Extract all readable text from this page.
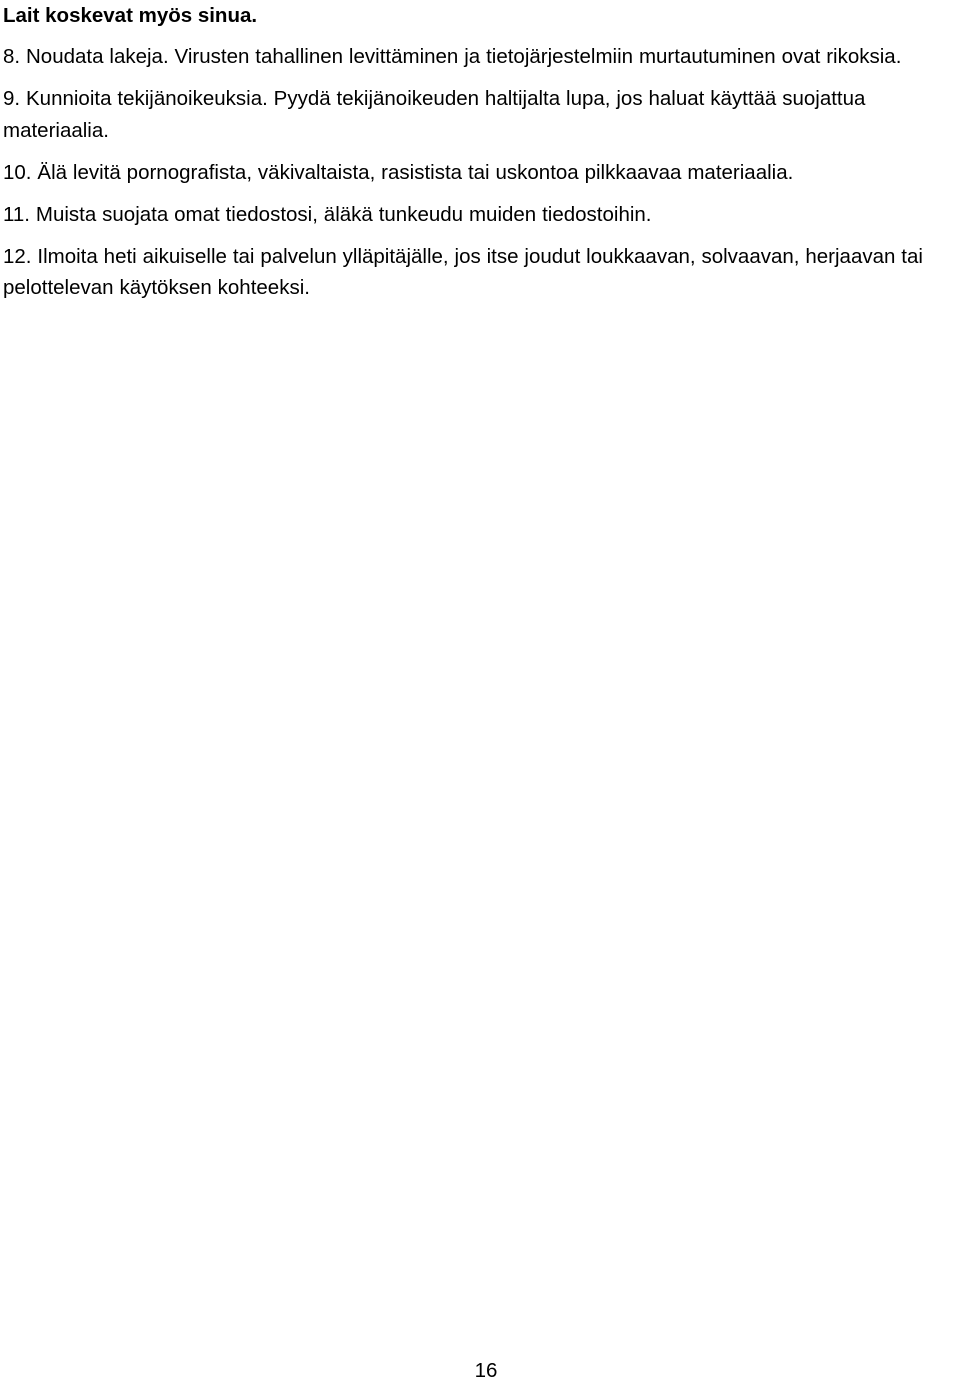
Lait koskevat myös sinua.
8. Noudata lakeja. Virusten tahallinen levittäminen ja tietojärjestelmiin murtautuminen ovat rikoksia.
9. Kunnioita tekijänoikeuksia. Pyydä tekijänoikeuden haltijalta lupa, jos haluat käyttää suojattua materiaalia.
10. Älä levitä pornografista, väkivaltaista, rasistista tai uskontoa pilkkaavaa materiaalia.
11. Muista suojata omat tiedostosi, äläkä tunkeudu muiden tiedostoihin.
12. Ilmoita heti aikuiselle tai palvelun ylläpitäjälle, jos itse joudut loukkaavan, solvaavan, herjaavan tai pelottelevan käytöksen kohteeksi.
16
